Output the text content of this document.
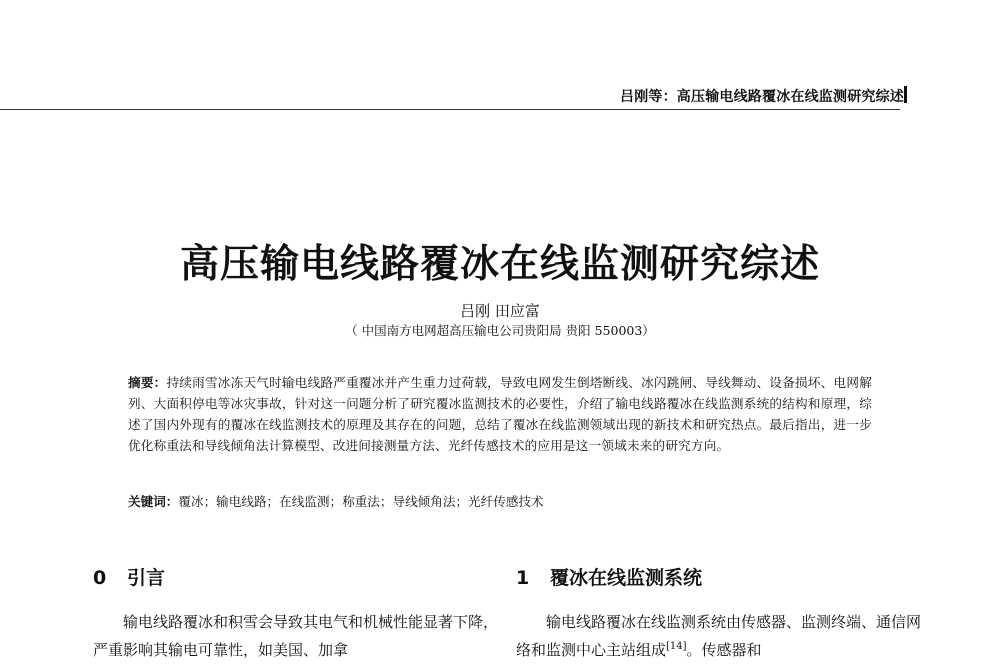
吕刚等：高压输电线路覆冰在线监测研究综述
高压输电线路覆冰在线监测研究综述
吕刚 田应富
（ 中国南方电网超高压输电公司贵阳局 贵阳 550003）
摘要：持续雨雪冰冻天气时输电线路严重覆冰并产生重力过荷载，导致电网发生倒塔断线、冰闪跳闸、导线舞动、设备损坏、电网解列、大面积停电等冰灾事故，针对这一问题分析了研究覆冰监测技术的必要性，介绍了输电线路覆冰在线监测系统的结构和原理，综述了国内外现有的覆冰在线监测技术的原理及其存在的问题，总结了覆冰在线监测领域出现的新技术和研究热点。最后指出，进一步优化称重法和导线倾角法计算模型、改进间接测量方法、光纤传感技术的应用是这一领域未来的研究方向。
关键词：覆冰；输电线路；在线监测；称重法；导线倾角法；光纤传感技术
0 引言	1 覆冰在线监测系统

输电线路覆冰和积雪会导致其电气和机械性能显著下降，严重影响其输电可靠性，如美国、加拿

输电线路覆冰在线监测系统由传感器、监测终端、通信网络和监测中心主站组成[14]。传感器和
